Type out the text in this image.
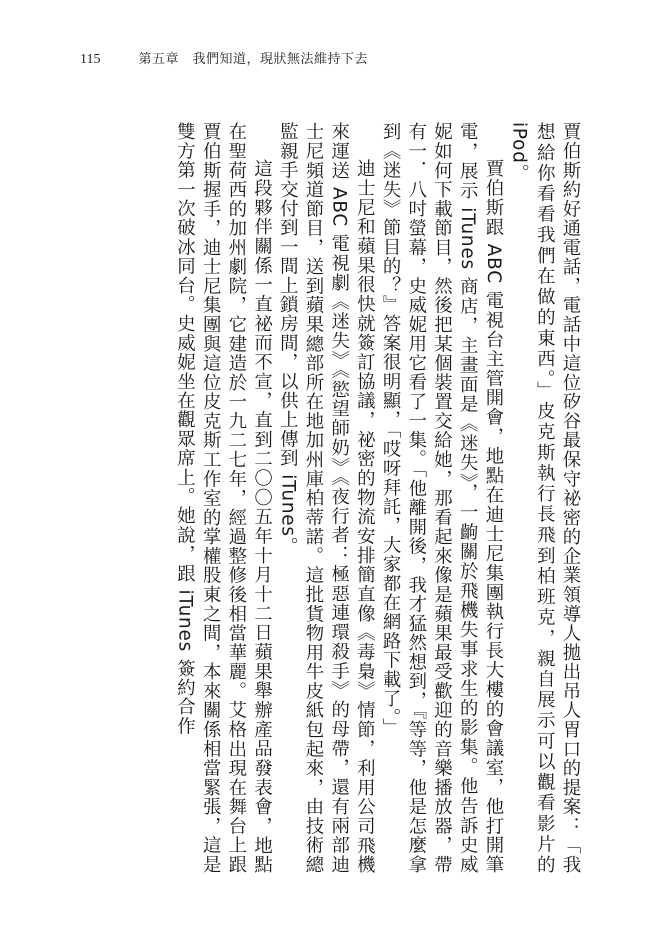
115	第五章　我們知道，現狀無法維持下去

賈伯斯約好通電話，電話中這位矽谷最保守祕密的企業領導人拋出吊人胃口的提案：「我想給你看看我們在做的東西。」皮克斯執行長飛到柏班克，親自展示可以觀看影片的 iPod。

賈伯斯跟 ABC 電視台主管開會，地點在迪士尼集團執行長大樓的會議室，他打開筆電，展示 iTunes 商店，主畫面是《迷失》，一齣關於飛機失事求生的影集。他告訴史威妮如何下載節目，然後把某個裝置交給她，那看起來像是蘋果最受歡迎的音樂播放器，帶有一．八吋螢幕，史威妮用它看了一集。「他離開後，我才猛然想到，『等等，他是怎麼拿到《迷失》節目的？』答案很明顯，「哎呀拜託，大家都在網路下載了。」

迪士尼和蘋果很快就簽訂協議，祕密的物流安排簡直像《毒梟》情節，利用公司飛機來運送 ABC 電視劇《迷失》《慾望師奶》《夜行者：極惡連環殺手》的母帶，還有兩部迪士尼頻道節目，送到蘋果總部所在地加州庫柏蒂諾。這批貨物用牛皮紙包起來，由技術總監親手交付到一間上鎖房間，以供上傳到 iTunes。

這段夥伴關係一直祕而不宣，直到二〇〇五年十月十二日蘋果舉辦產品發表會，地點在聖荷西的加州劇院，它建造於一九二七年，經過整修後相當華麗。艾格出現在舞台上跟賈伯斯握手，迪士尼集團與這位皮克斯工作室的掌權股東之間，本來關係相當緊張，這是雙方第一次破冰同台。史威妮坐在觀眾席上。她說，跟 iTunes 簽約合作
